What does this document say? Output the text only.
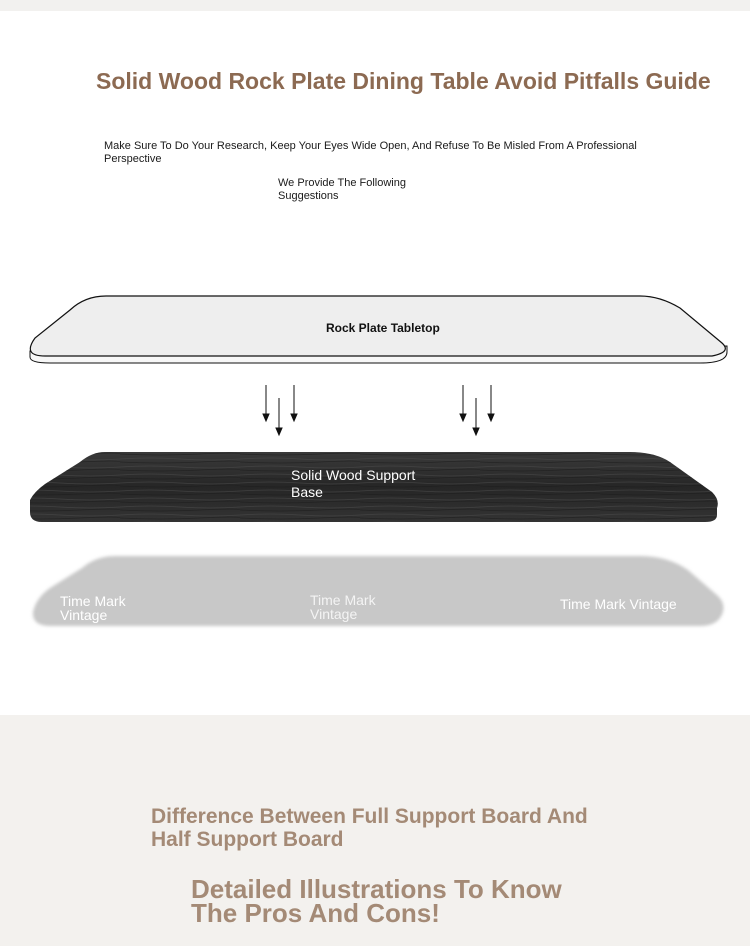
Solid Wood Rock Plate Dining Table Avoid Pitfalls Guide
Make Sure To Do Your Research, Keep Your Eyes Wide Open, And Refuse To Be Misled From A Professional Perspective
We Provide The Following Suggestions
Rock Plate Tabletop
Solid Wood Support Base
Time Mark Vintage
Time Mark Vintage
Time Mark Vintage
Difference Between Full Support Board And Half Support Board
Detailed Illustrations To Know The Pros And Cons!
